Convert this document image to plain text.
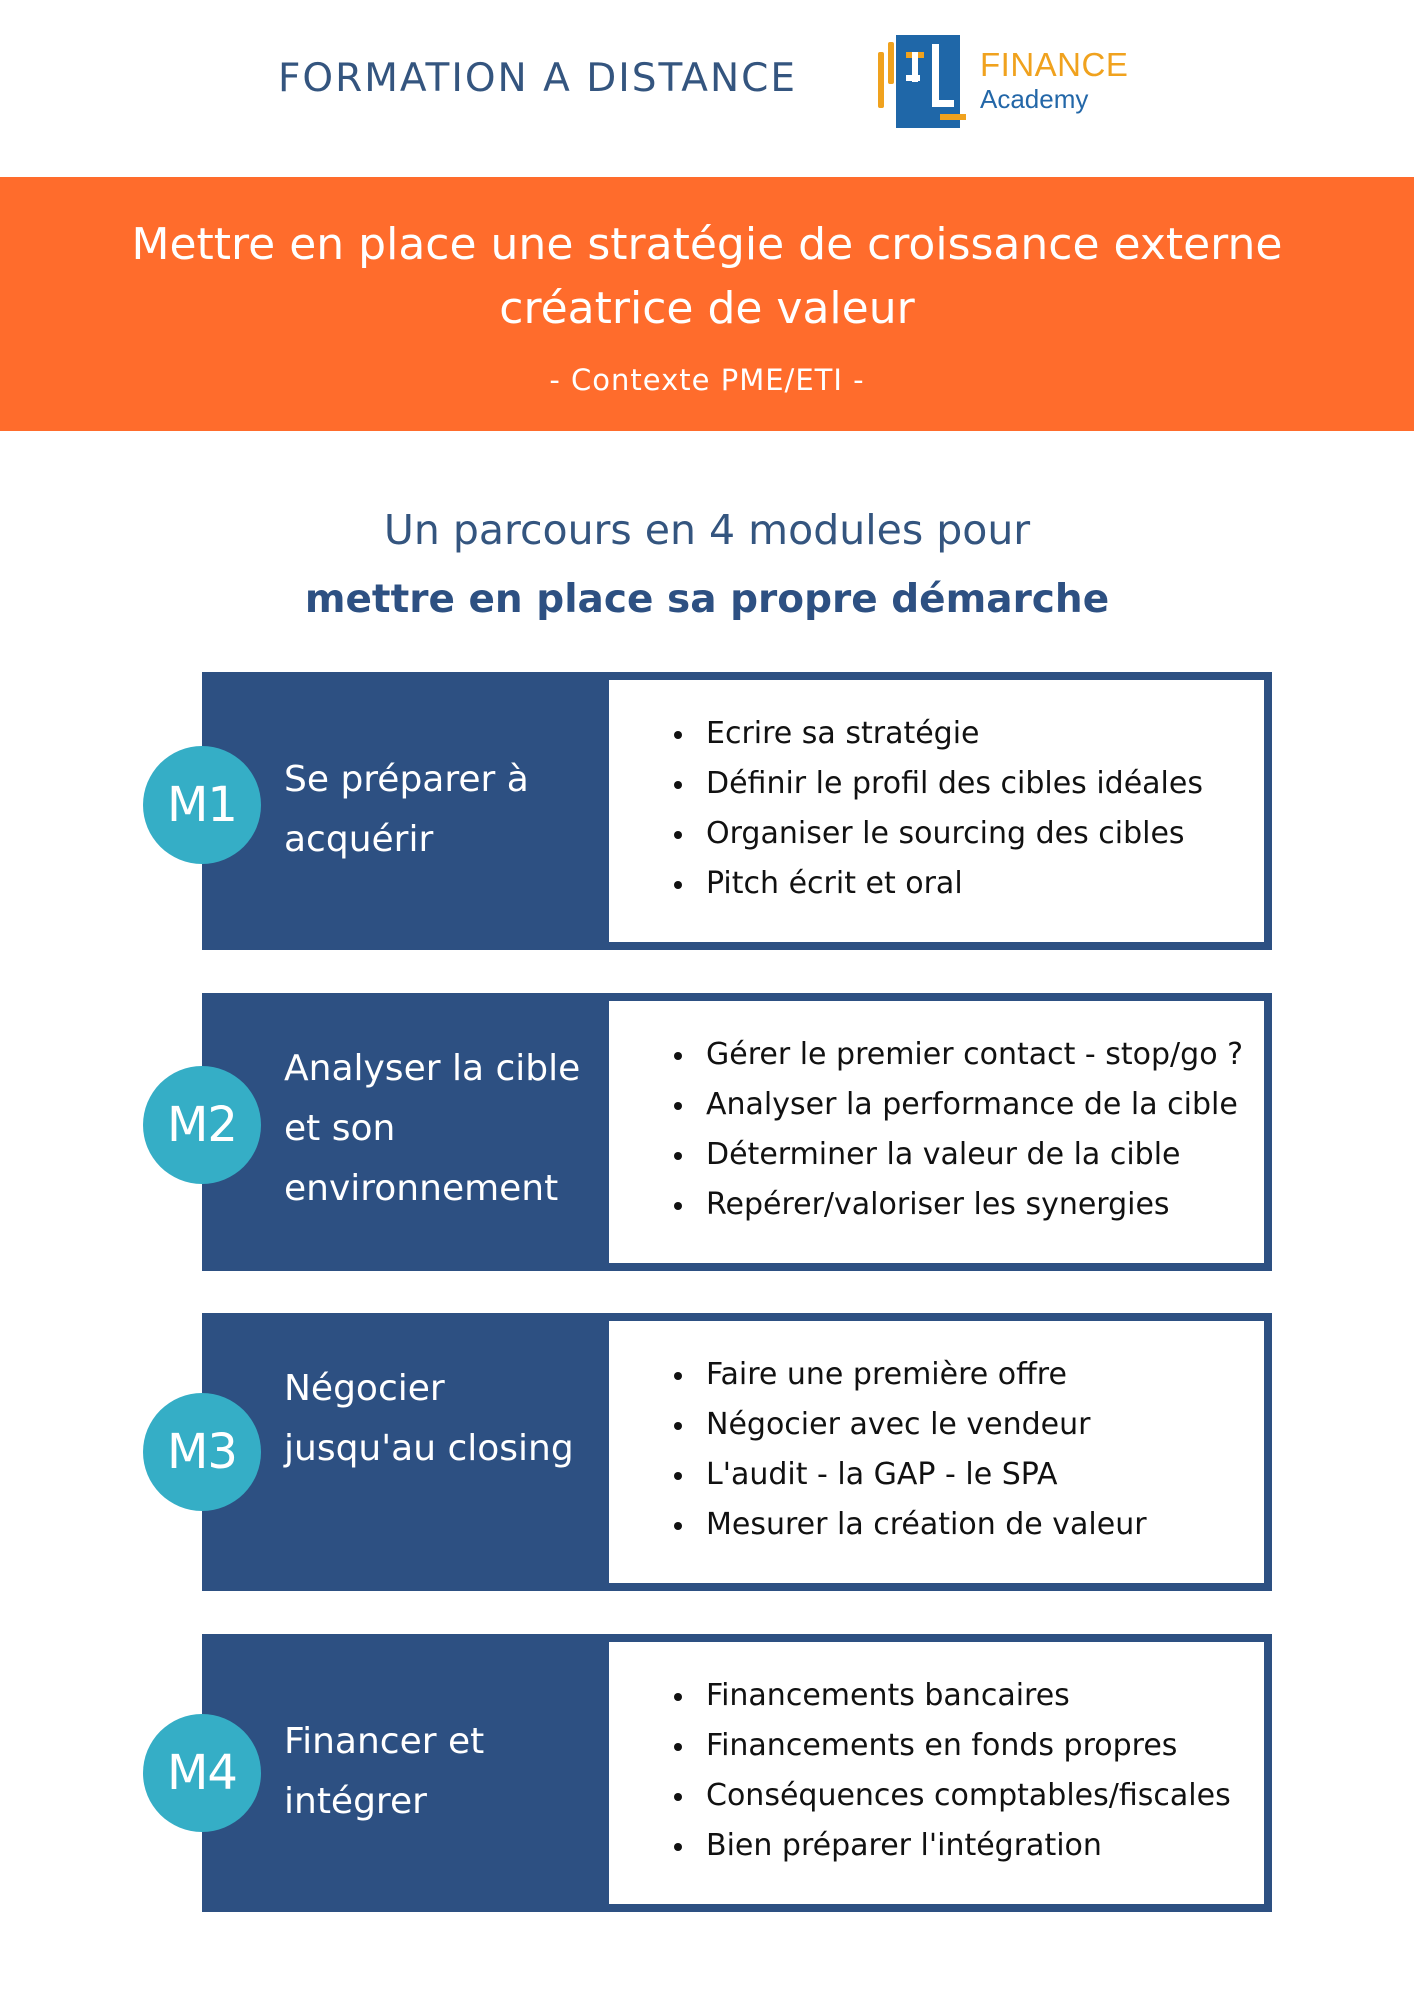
FORMATION A DISTANCE	FINANCE
Academy
Mettre en place une stratégie de croissance externe créatrice de valeur
- Contexte PME/ETI -
Un parcours en 4 modules pour
mettre en place sa propre démarche
M1	Se préparer à acquérir
Ecrire sa stratégie
Définir le profil des cibles idéales
Organiser le sourcing des cibles
Pitch écrit et oral
M2
Analyser la cible et son environnement
Gérer le premier contact - stop/go ?
Analyser la performance de la cible
Déterminer la valeur de la cible
Repérer/valoriser les synergies
M3
Négocier jusqu'au closing
Faire une première offre
Négocier avec le vendeur
L'audit - la GAP - le SPA
Mesurer la création de valeur
M4
Financer et intégrer
Financements bancaires
Financements en fonds propres
Conséquences comptables/fiscales
Bien préparer l'intégration
